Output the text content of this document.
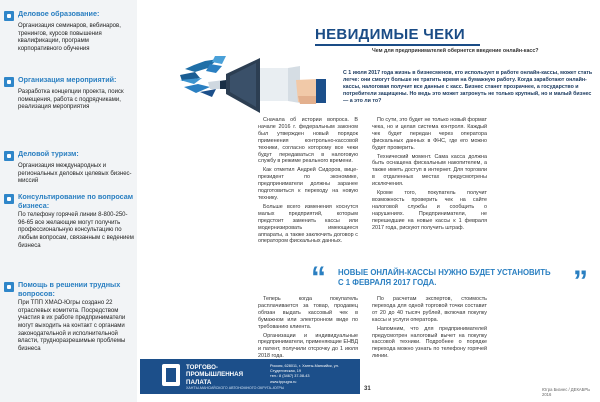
Деловое образование:
Организация семинаров, вебинаров, тренингов, курсов повышения квалификации, программ корпоративного обучения
Организация мероприятий:
Разработка концепции проекта, поиск помещения, работа с подрядчиками, реализация мероприятия
Деловой туризм:
Организация международных и региональных деловых целевых бизнес-миссий
Консультирование по вопросам бизнеса:
По телефону горячей линии 8-800-250-96-65 все желающие могут получить профессиональную консультацию по любым вопросам, связанным с ведением бизнеса
Помощь в решении трудных вопросов:
При ТПП ХМАО-Югры создано 22 отраслевых комитета. Посредством участия в их работе предприниматели могут выходить на контакт с органами законодательной и исполнительной власти, трудноразрешимые проблемы бизнеса
НЕВИДИМЫЕ ЧЕКИ
Чем для предпринимателей обернется введение онлайн-касс?
С 1 июля 2017 года жизнь в бизнесменов, кто использует в работе онлайн-кассы, может стать легче: они смогут больше не тратить время на бумажную работу. Когда заработают онлайн-кассы, налоговая получит все данные с касс. Бизнес станет прозрачнее, а государство и потребители защищены. Но ведь это может затронуть не только крупный, но и малый бизнес — а это ли то?

Сначала об истории вопроса. В начале 2016 г. федеральным законом был утвержден новый порядок применения контрольно-кассовой техники, согласно которому все чеки будут передаваться в налоговую службу в режиме реального времени.

Как отметил Андрей Сидоров, вице-президент по экономике, предприниматели должны заранее подготовиться к переходу на новую технику.

Больше всего изменения коснутся малых предприятий, которым предстоит заменить кассы или модернизировать имеющиеся аппараты, а также заключить договор с оператором фискальных данных.

По сути, это будет не только новый формат чека, но и целая система контроля. Каждый чек будет передан через оператора фискальных данных в ФНС, где его можно будет проверить.

Технический момент. Сама касса должна быть оснащена фискальным накопителем, а также иметь доступ в интернет. Для торговли в отдаленных местах предусмотрены исключения.

Кроме того, покупатель получит возможность проверить чек на сайте налоговой службы и сообщить о нарушениях. Предприниматели, не перешедшие на новые кассы к 1 февраля 2017 года, рискуют получить штраф.

“ НОВЫЕ ОНЛАЙН-КАССЫ НУЖНО БУДЕТ УСТАНОВИТЬ С 1 ФЕВРАЛЯ 2017 ГОДА.	”

Теперь когда покупатель расплачивается за товар, продавец обязан выдать кассовый чек в бумажном или электронном виде по требованию клиента.

Организации и индивидуальные предприниматели, применяющие ЕНВД и патент, получили отсрочку до 1 июля 2018 года.

По расчетам экспертов, стоимость перехода для одной торговой точки составит от 20 до 40 тысяч рублей, включая покупку кассы и услуги оператора.

Напомним, что для предпринимателей предусмотрен налоговый вычет на покупку кассовой техники. Подробнее о порядке перехода можно узнать по телефону горячей линии.

ТОРГОВО-ПРОМЫШЛЕННАЯ ПАЛАТА
ХАНТЫ-МАНСИЙСКОГО АВТОНОМНОГО ОКРУГА–ЮГРЫ
Россия, 628011, г. Ханты-Мансийск, ул. Студенческая, 19
тел.: 8 (3467) 37-08-43
www.tppugra.ru
31	Югра Бизнес / ДЕКАБРЬ 2016
